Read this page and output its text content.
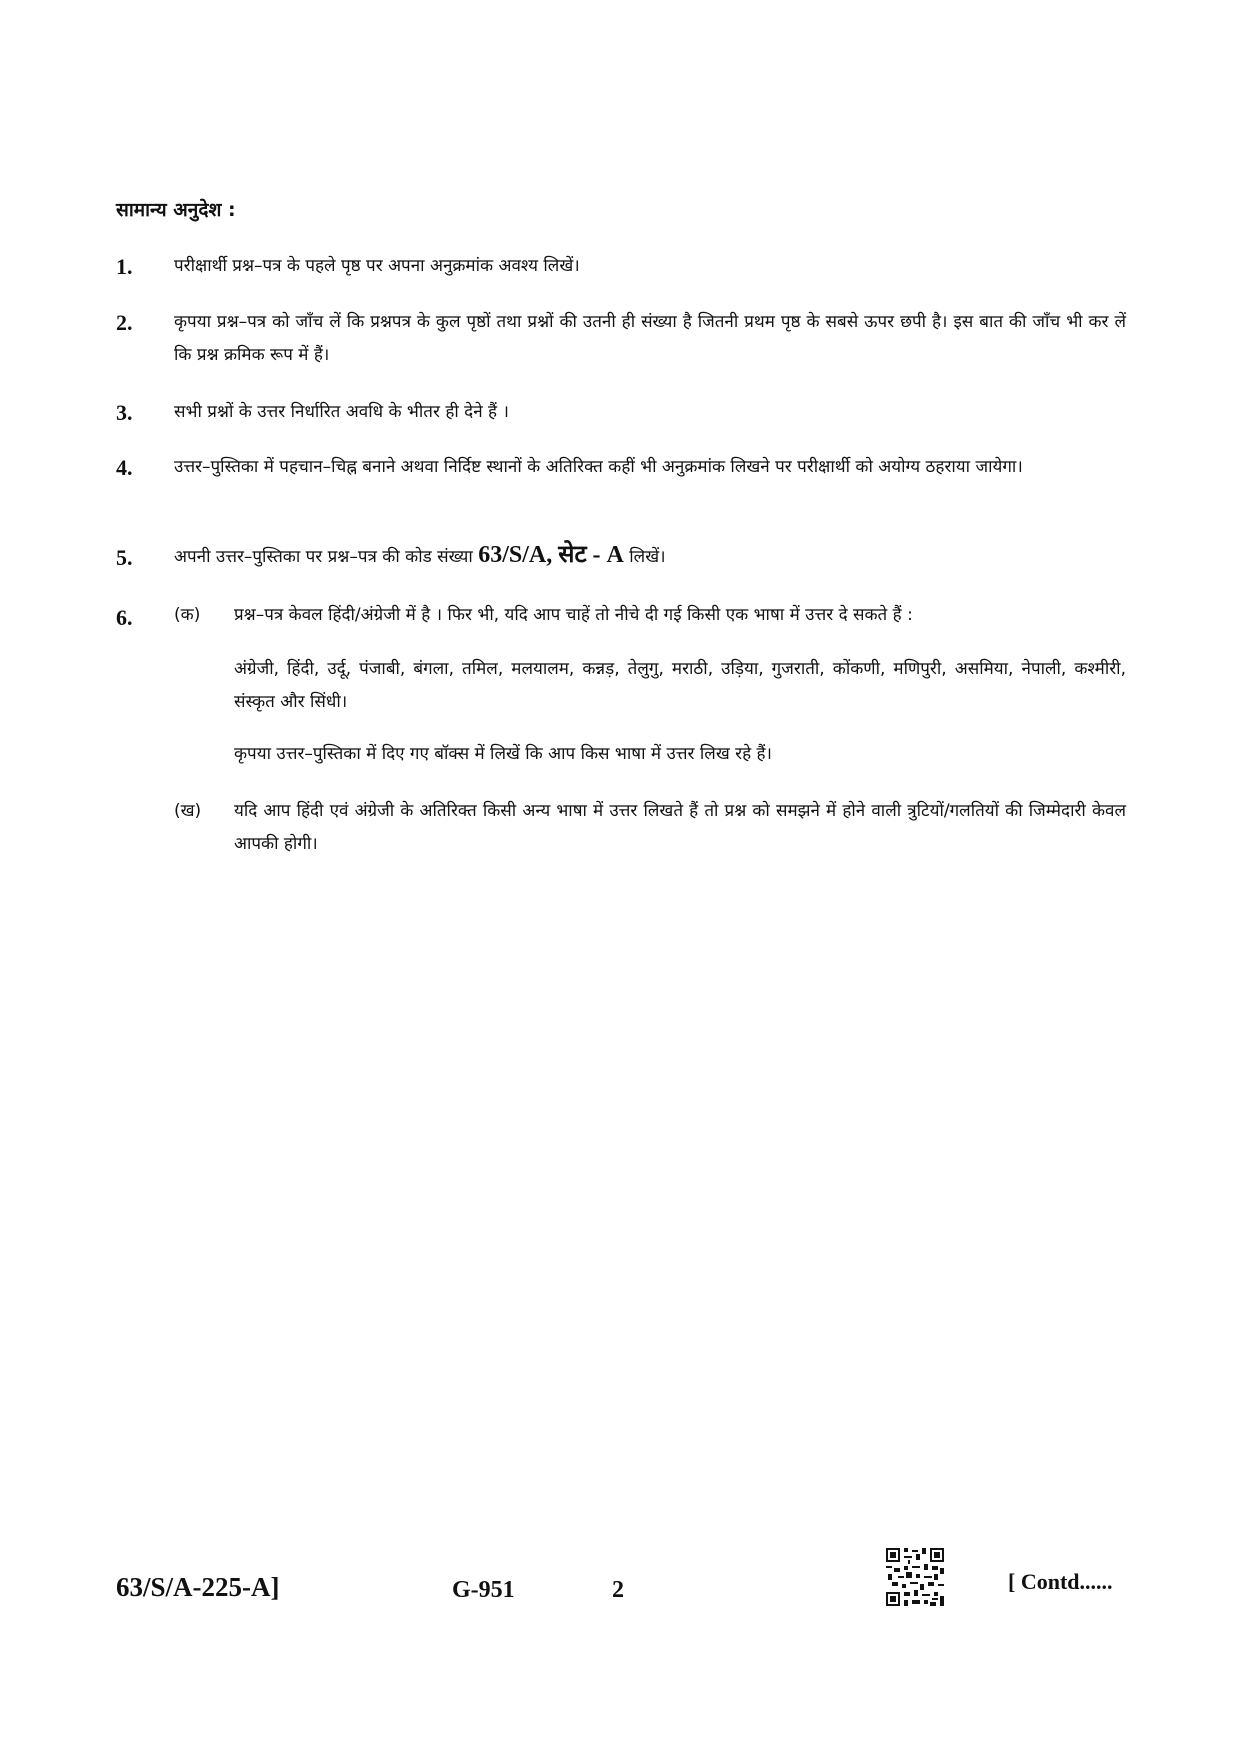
सामान्य अनुदेश :
1. परीक्षार्थी प्रश्न–पत्र के पहले पृष्ठ पर अपना अनुक्रमांक अवश्य लिखें।
2. कृपया प्रश्न–पत्र को जाँच लें कि प्रश्नपत्र के कुल पृष्ठों तथा प्रश्नों की उतनी ही संख्या है जितनी प्रथम पृष्ठ के सबसे ऊपर छपी है। इस बात की जाँच भी कर लें कि प्रश्न क्रमिक रूप में हैं।
3. सभी प्रश्नों के उत्तर निर्धारित अवधि के भीतर ही देने हैं ।
4. उत्तर–पुस्तिका में पहचान–चिह्न बनाने अथवा निर्दिष्ट स्थानों के अतिरिक्त कहीं भी अनुक्रमांक लिखने पर परीक्षार्थी को अयोग्य ठहराया जायेगा।
5. अपनी उत्तर–पुस्तिका पर प्रश्न–पत्र की कोड संख्या 63/S/A, सेट - A लिखें।
6. (क) प्रश्न–पत्र केवल हिंदी/अंग्रेजी में है । फिर भी, यदि आप चाहें तो नीचे दी गई किसी एक भाषा में उत्तर दे सकते हैं :
अंग्रेजी, हिंदी, उर्दू, पंजाबी, बंगला, तमिल, मलयालम, कन्नड़, तेलुगु, मराठी, उड़िया, गुजराती, कोंकणी, मणिपुरी, असमिया, नेपाली, कश्मीरी, संस्कृत और सिंधी।
कृपया उत्तर–पुस्तिका में दिए गए बॉक्स में लिखें कि आप किस भाषा में उत्तर लिख रहे हैं।
(ख) यदि आप हिंदी एवं अंग्रेजी के अतिरिक्त किसी अन्य भाषा में उत्तर लिखते हैं तो प्रश्न को समझने में होने वाली त्रुटियों/गलतियों की जिम्मेदारी केवल आपकी होगी।
63/S/A-225-A]	G-951	2	[ Contd......
